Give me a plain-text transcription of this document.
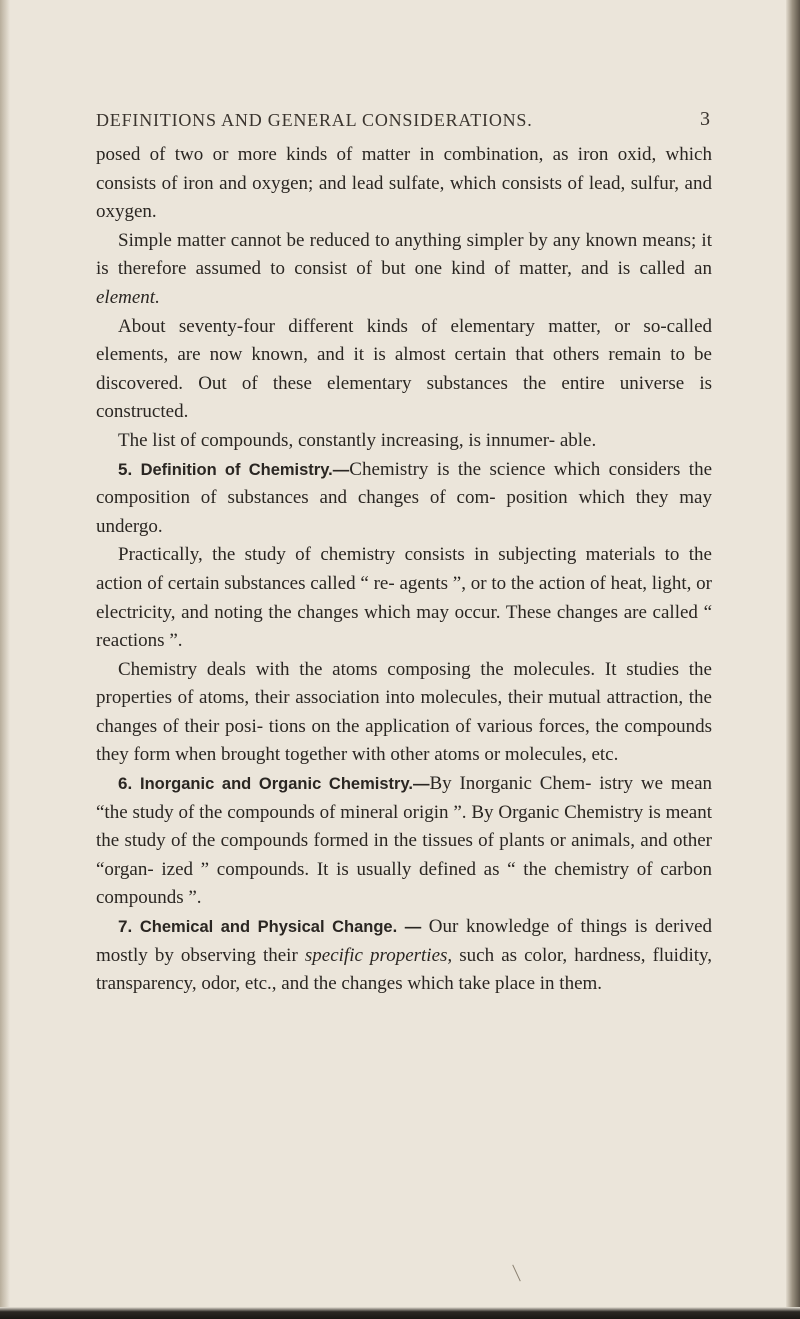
DEFINITIONS AND GENERAL CONSIDERATIONS.	3

posed of two or more kinds of matter in combination, as iron oxid, which consists of iron and oxygen; and lead sulfate, which consists of lead, sulfur, and oxygen.

Simple matter cannot be reduced to anything simpler by any known means; it is therefore assumed to consist of but one kind of matter, and is called an element.

About seventy-four different kinds of elementary matter, or so-called elements, are now known, and it is almost certain that others remain to be discovered. Out of these elementary substances the entire universe is constructed.

The list of compounds, constantly increasing, is innumer- able.

5. Definition of Chemistry.—Chemistry is the science which considers the composition of substances and changes of com- position which they may undergo.

Practically, the study of chemistry consists in subjecting materials to the action of certain substances called “ re- agents ”, or to the action of heat, light, or electricity, and noting the changes which may occur. These changes are called “ reactions ”.

Chemistry deals with the atoms composing the molecules. It studies the properties of atoms, their association into molecules, their mutual attraction, the changes of their posi- tions on the application of various forces, the compounds they form when brought together with other atoms or molecules, etc.

6. Inorganic and Organic Chemistry.—By Inorganic Chem- istry we mean “the study of the compounds of mineral origin ”. By Organic Chemistry is meant the study of the compounds formed in the tissues of plants or animals, and other “organ- ized ” compounds. It is usually defined as “ the chemistry of carbon compounds ”.

7. Chemical and Physical Change. — Our knowledge of things is derived mostly by observing their specific properties, such as color, hardness, fluidity, transparency, odor, etc., and the changes which take place in them.
